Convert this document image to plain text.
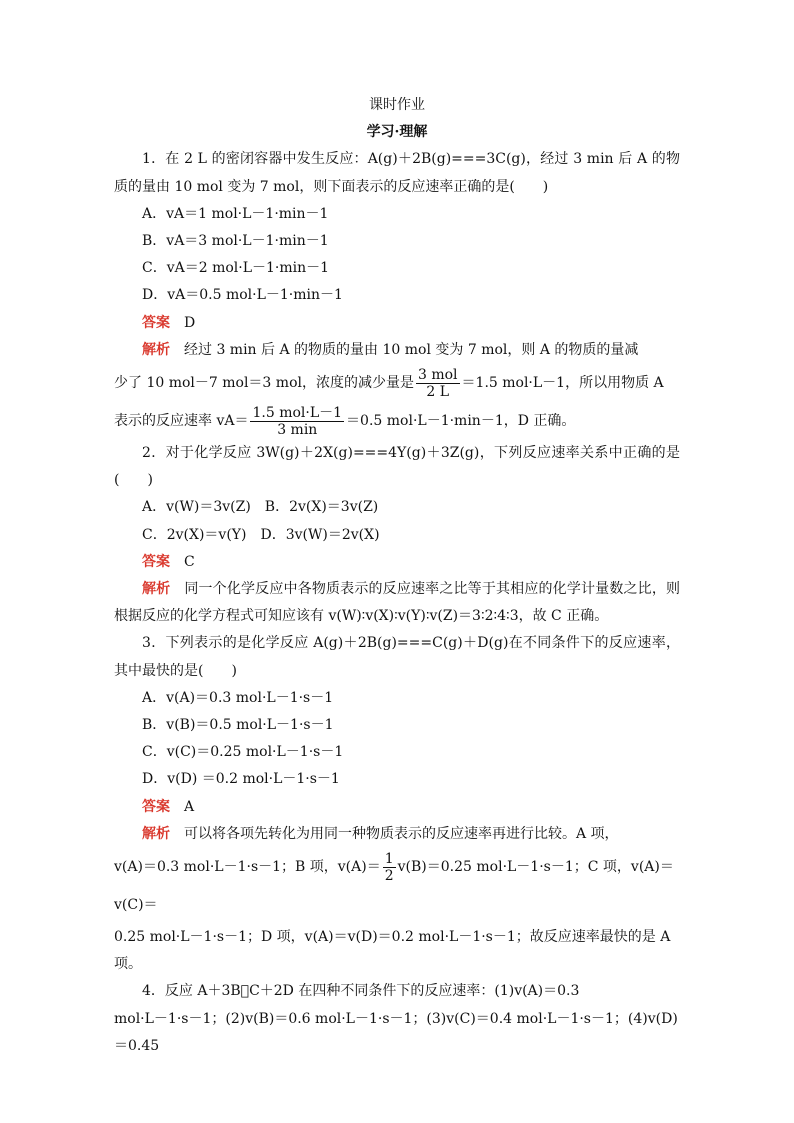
课时作业
学习·理解
1．在 2 L 的密闭容器中发生反应：A(g)＋2B(g)===3C(g)，经过 3 min 后 A 的物质的量由 10 mol 变为 7 mol，则下面表示的反应速率正确的是(　　)
A．vA＝1 mol·L－1·min－1
B．vA＝3 mol·L－1·min－1
C．vA＝2 mol·L－1·min－1
D．vA＝0.5 mol·L－1·min－1
答案 D
解析 经过 3 min 后 A 的物质的量由 10 mol 变为 7 mol，则 A 的物质的量减
少了 10 mol－7 mol＝3 mol，浓度的减少量是 $\frac{\text{3 mol}}{2 L} =1.5$ mol·L－1，所以用物质 A
表示的反应速率 $vA= \frac{\text{1.5 mol·L－1}}{3 \min} =0.5$ mol·L－1·min－1，D 正确。
2．对于化学反应 3W(g)＋2X(g)===4Y(g)＋3Z(g)，下列反应速率关系中正确的是(　　)
A．v(W)＝3v(Z)　B．2v(X)＝3v(Z)
C．2v(X)＝v(Y)　D．3v(W)＝2v(X)
答案 C
解析 同一个化学反应中各物质表示的反应速率之比等于其相应的化学计量数之比，则根据反应的化学方程式可知应该有 v(W)∶v(X)∶v(Y)∶v(Z)＝3∶2∶4∶3，故 C 正确。
3．下列表示的是化学反应 A(g)＋2B(g)===C(g)＋D(g)在不同条件下的反应速率，其中最快的是(　　)
A．v(A)＝0.3 mol·L－1·s－1
B．v(B)＝0.5 mol·L－1·s－1
C．v(C)＝0.25 mol·L－1·s－1
D．v(D) ＝0.2 mol·L－1·s－1
答案 A
解析 可以将各项先转化为用同一种物质表示的反应速率再进行比较。A 项，
v(A)＝0.3 mol·L－1·s－1；B 项，$v(A)= \frac{1}{2} v(B)=0.25$ mol·L－1·s－1；C 项，v(A)＝v(C)＝
0.25 mol·L－1·s－1；D 项，v(A)＝v(D)＝0.2 mol·L－1·s－1；故反应速率最快的是 A 项。
4．反应 A＋3B C＋2D 在四种不同条件下的反应速率：(1)v(A)＝0.3
mol·L－1·s－1；(2)v(B)＝0.6 mol·L－1·s－1；(3)v(C)＝0.4 mol·L－1·s－1；(4)v(D)＝0.45
